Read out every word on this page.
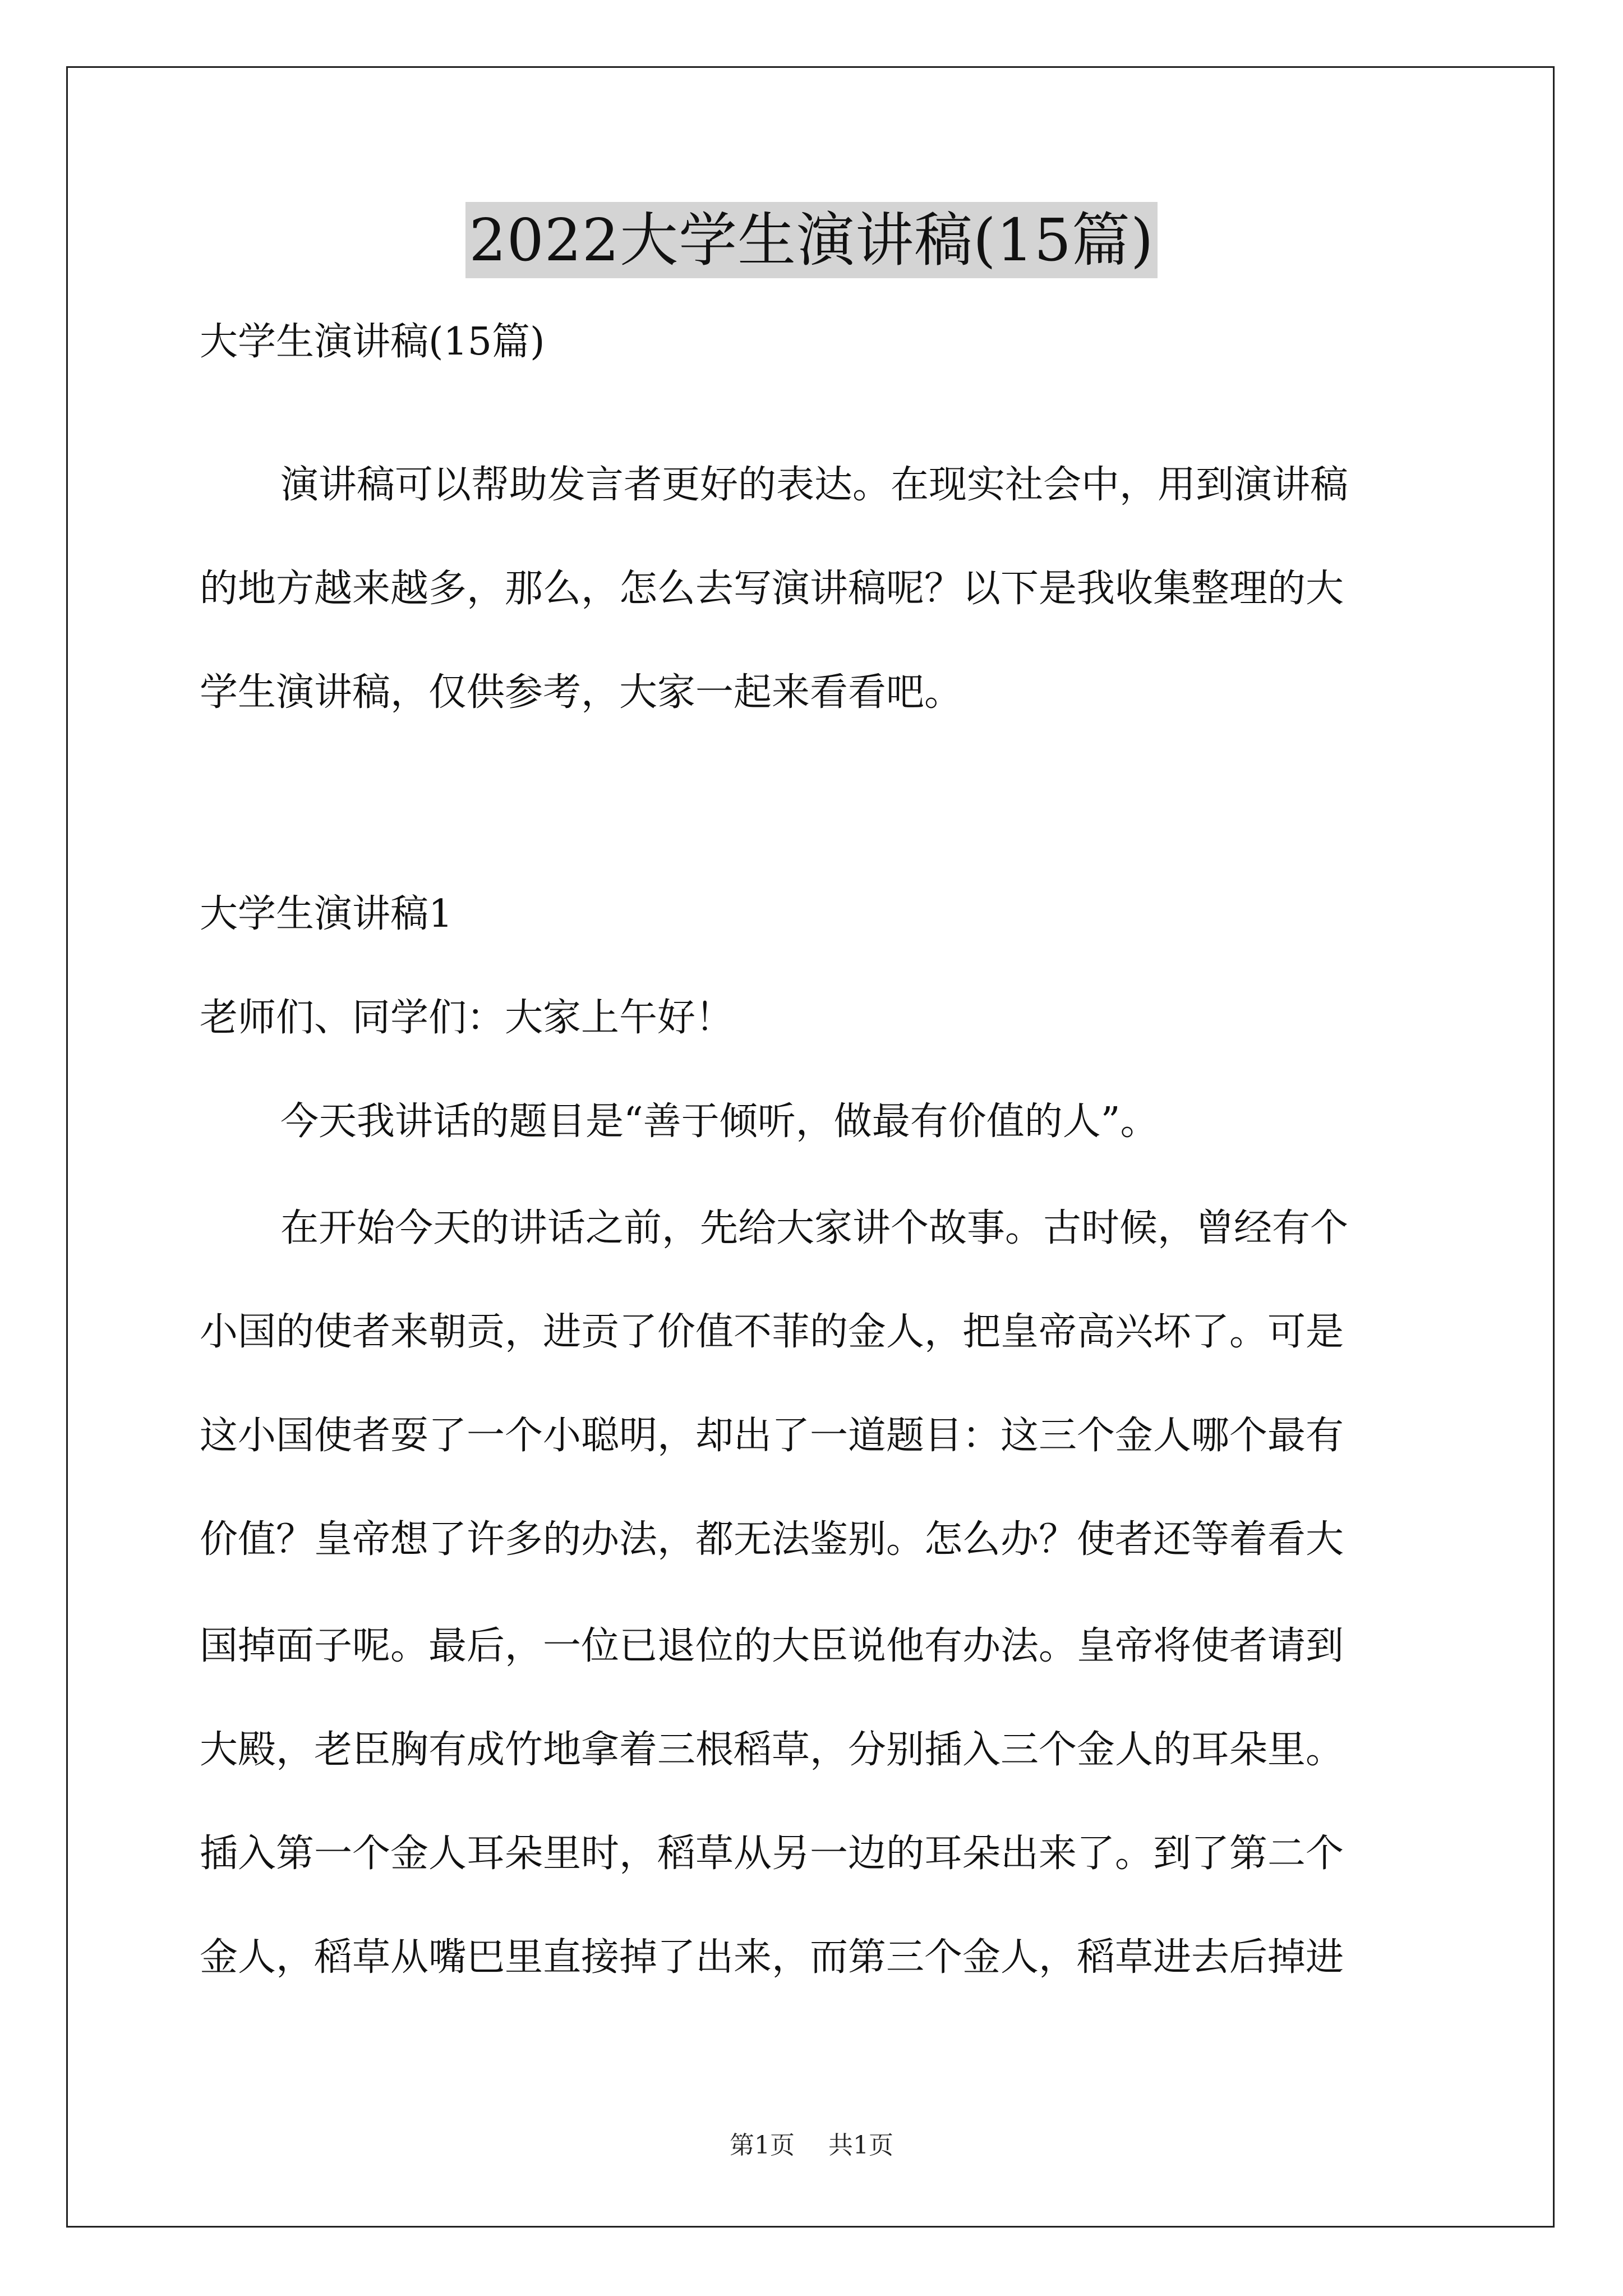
2022大学生演讲稿(15篇)
大学生演讲稿(15篇)
演讲稿可以帮助发言者更好的表达。在现实社会中，用到演讲稿
的地方越来越多，那么，怎么去写演讲稿呢？以下是我收集整理的大
学生演讲稿，仅供参考，大家一起来看看吧。
大学生演讲稿1
老师们、同学们：大家上午好！
今天我讲话的题目是“善于倾听，做最有价值的人”。
在开始今天的讲话之前，先给大家讲个故事。古时候，曾经有个
小国的使者来朝贡，进贡了价值不菲的金人，把皇帝高兴坏了。可是
这小国使者耍了一个小聪明，却出了一道题目：这三个金人哪个最有
价值？皇帝想了许多的办法，都无法鉴别。怎么办？使者还等着看大
国掉面子呢。最后，一位已退位的大臣说他有办法。皇帝将使者请到
大殿，老臣胸有成竹地拿着三根稻草，分别插入三个金人的耳朵里。
插入第一个金人耳朵里时，稻草从另一边的耳朵出来了。到了第二个
金人，稻草从嘴巴里直接掉了出来，而第三个金人，稻草进去后掉进
第1页 共1页
